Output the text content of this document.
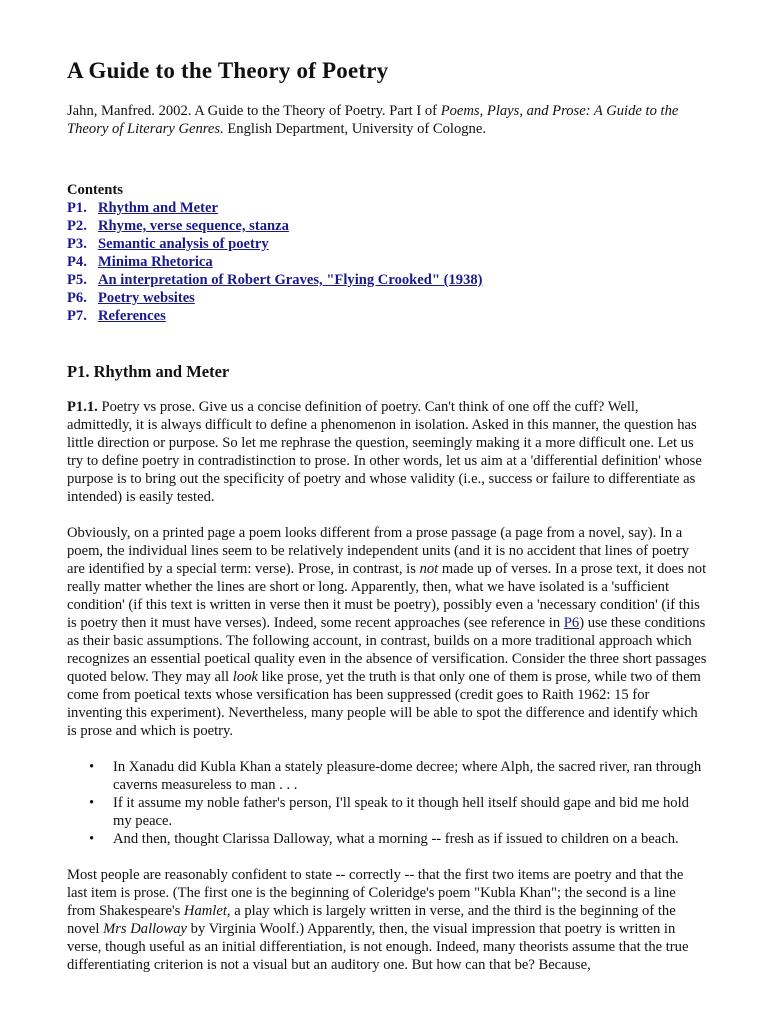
A Guide to the Theory of Poetry
Jahn, Manfred. 2002. A Guide to the Theory of Poetry. Part I of Poems, Plays, and Prose: A Guide to the Theory of Literary Genres. English Department, University of Cologne.
Contents
P1. Rhythm and Meter
P2. Rhyme, verse sequence, stanza
P3. Semantic analysis of poetry
P4. Minima Rhetorica
P5. An interpretation of Robert Graves, "Flying Crooked" (1938)
P6. Poetry websites
P7. References
P1. Rhythm and Meter

P1.1. Poetry vs prose. Give us a concise definition of poetry. Can't think of one off the cuff? Well, admittedly, it is always difficult to define a phenomenon in isolation. Asked in this manner, the question has little direction or purpose. So let me rephrase the question, seemingly making it a more difficult one. Let us try to define poetry in contradistinction to prose. In other words, let us aim at a 'differential definition' whose purpose is to bring out the specificity of poetry and whose validity (i.e., success or failure to differentiate as intended) is easily tested.

Obviously, on a printed page a poem looks different from a prose passage (a page from a novel, say). In a poem, the individual lines seem to be relatively independent units (and it is no accident that lines of poetry are identified by a special term: verse). Prose, in contrast, is not made up of verses. In a prose text, it does not really matter whether the lines are short or long. Apparently, then, what we have isolated is a 'sufficient condition' (if this text is written in verse then it must be poetry), possibly even a 'necessary condition' (if this is poetry then it must have verses). Indeed, some recent approaches (see reference in P6) use these conditions as their basic assumptions. The following account, in contrast, builds on a more traditional approach which recognizes an essential poetical quality even in the absence of versification. Consider the three short passages quoted below. They may all look like prose, yet the truth is that only one of them is prose, while two of them come from poetical texts whose versification has been suppressed (credit goes to Raith 1962: 15 for inventing this experiment). Nevertheless, many people will be able to spot the difference and identify which is prose and which is poetry.

• In Xanadu did Kubla Khan a stately pleasure-dome decree; where Alph, the sacred river, ran through caverns measureless to man . . .
• If it assume my noble father's person, I'll speak to it though hell itself should gape and bid me hold my peace.
• And then, thought Clarissa Dalloway, what a morning -- fresh as if issued to children on a beach.

Most people are reasonably confident to state -- correctly -- that the first two items are poetry and that the last item is prose. (The first one is the beginning of Coleridge's poem "Kubla Khan"; the second is a line from Shakespeare's Hamlet, a play which is largely written in verse, and the third is the beginning of the novel Mrs Dalloway by Virginia Woolf.) Apparently, then, the visual impression that poetry is written in verse, though useful as an initial differentiation, is not enough. Indeed, many theorists assume that the true differentiating criterion is not a visual but an auditory one. But how can that be? Because,
